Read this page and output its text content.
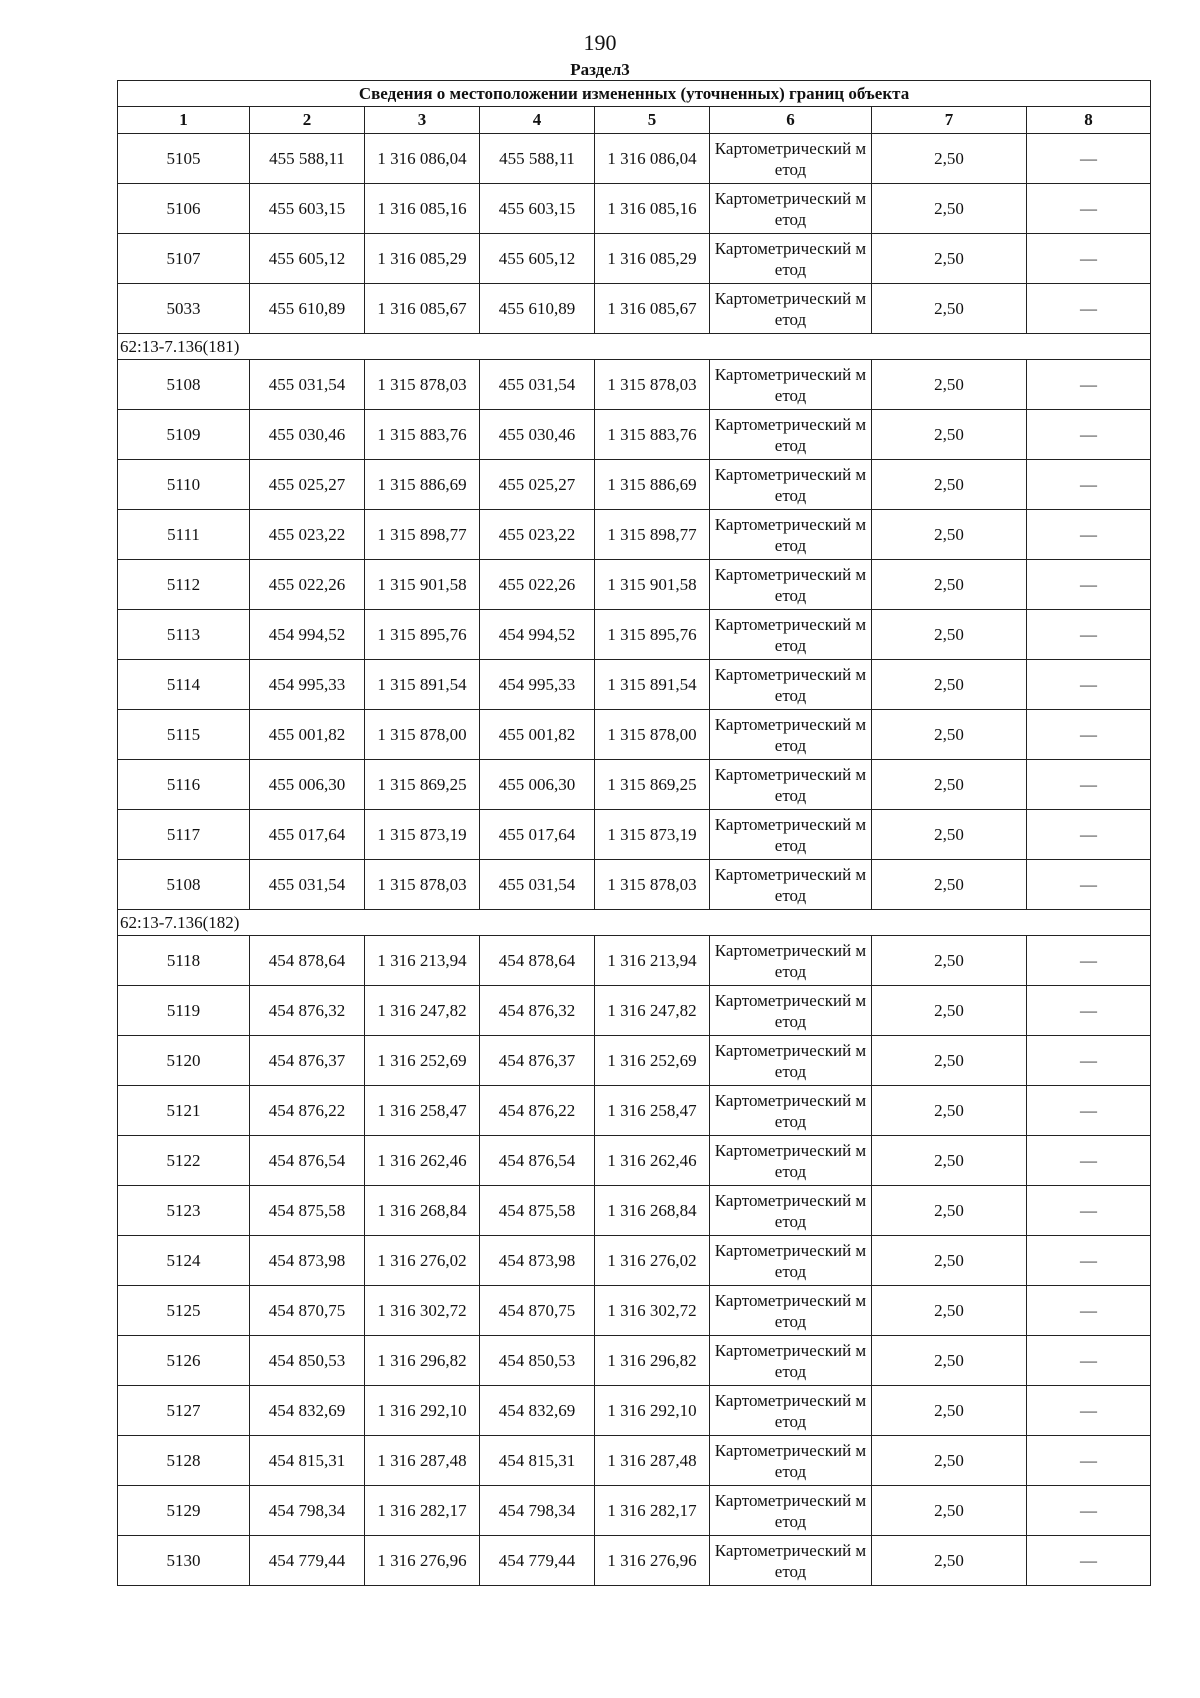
190
Раздел3
Сведения о местоположении измененных (уточненных) границ объекта							
1	2	3	4	5	6	7	8
5105	455 588,11	1 316 086,04	455 588,11	1 316 086,04	Картометрический метод	2,50	—
5106	455 603,15	1 316 085,16	455 603,15	1 316 085,16	Картометрический метод	2,50	—
5107	455 605,12	1 316 085,29	455 605,12	1 316 085,29	Картометрический метод	2,50	—
5033	455 610,89	1 316 085,67	455 610,89	1 316 085,67	Картометрический метод	2,50	—
62:13-7.136(181)							
5108	455 031,54	1 315 878,03	455 031,54	1 315 878,03	Картометрический метод	2,50	—
5109	455 030,46	1 315 883,76	455 030,46	1 315 883,76	Картометрический метод	2,50	—
5110	455 025,27	1 315 886,69	455 025,27	1 315 886,69	Картометрический метод	2,50	—
5111	455 023,22	1 315 898,77	455 023,22	1 315 898,77	Картометрический метод	2,50	—
5112	455 022,26	1 315 901,58	455 022,26	1 315 901,58	Картометрический метод	2,50	—
5113	454 994,52	1 315 895,76	454 994,52	1 315 895,76	Картометрический метод	2,50	—
5114	454 995,33	1 315 891,54	454 995,33	1 315 891,54	Картометрический метод	2,50	—
5115	455 001,82	1 315 878,00	455 001,82	1 315 878,00	Картометрический метод	2,50	—
5116	455 006,30	1 315 869,25	455 006,30	1 315 869,25	Картометрический метод	2,50	—
5117	455 017,64	1 315 873,19	455 017,64	1 315 873,19	Картометрический метод	2,50	—
5108	455 031,54	1 315 878,03	455 031,54	1 315 878,03	Картометрический метод	2,50	—
62:13-7.136(182)							
5118	454 878,64	1 316 213,94	454 878,64	1 316 213,94	Картометрический метод	2,50	—
5119	454 876,32	1 316 247,82	454 876,32	1 316 247,82	Картометрический метод	2,50	—
5120	454 876,37	1 316 252,69	454 876,37	1 316 252,69	Картометрический метод	2,50	—
5121	454 876,22	1 316 258,47	454 876,22	1 316 258,47	Картометрический метод	2,50	—
5122	454 876,54	1 316 262,46	454 876,54	1 316 262,46	Картометрический метод	2,50	—
5123	454 875,58	1 316 268,84	454 875,58	1 316 268,84	Картометрический метод	2,50	—
5124	454 873,98	1 316 276,02	454 873,98	1 316 276,02	Картометрический метод	2,50	—
5125	454 870,75	1 316 302,72	454 870,75	1 316 302,72	Картометрический метод	2,50	—
5126	454 850,53	1 316 296,82	454 850,53	1 316 296,82	Картометрический метод	2,50	—
5127	454 832,69	1 316 292,10	454 832,69	1 316 292,10	Картометрический метод	2,50	—
5128	454 815,31	1 316 287,48	454 815,31	1 316 287,48	Картометрический метод	2,50	—
5129	454 798,34	1 316 282,17	454 798,34	1 316 282,17	Картометрический метод	2,50	—
5130	454 779,44	1 316 276,96	454 779,44	1 316 276,96	Картометрический метод	2,50	—
